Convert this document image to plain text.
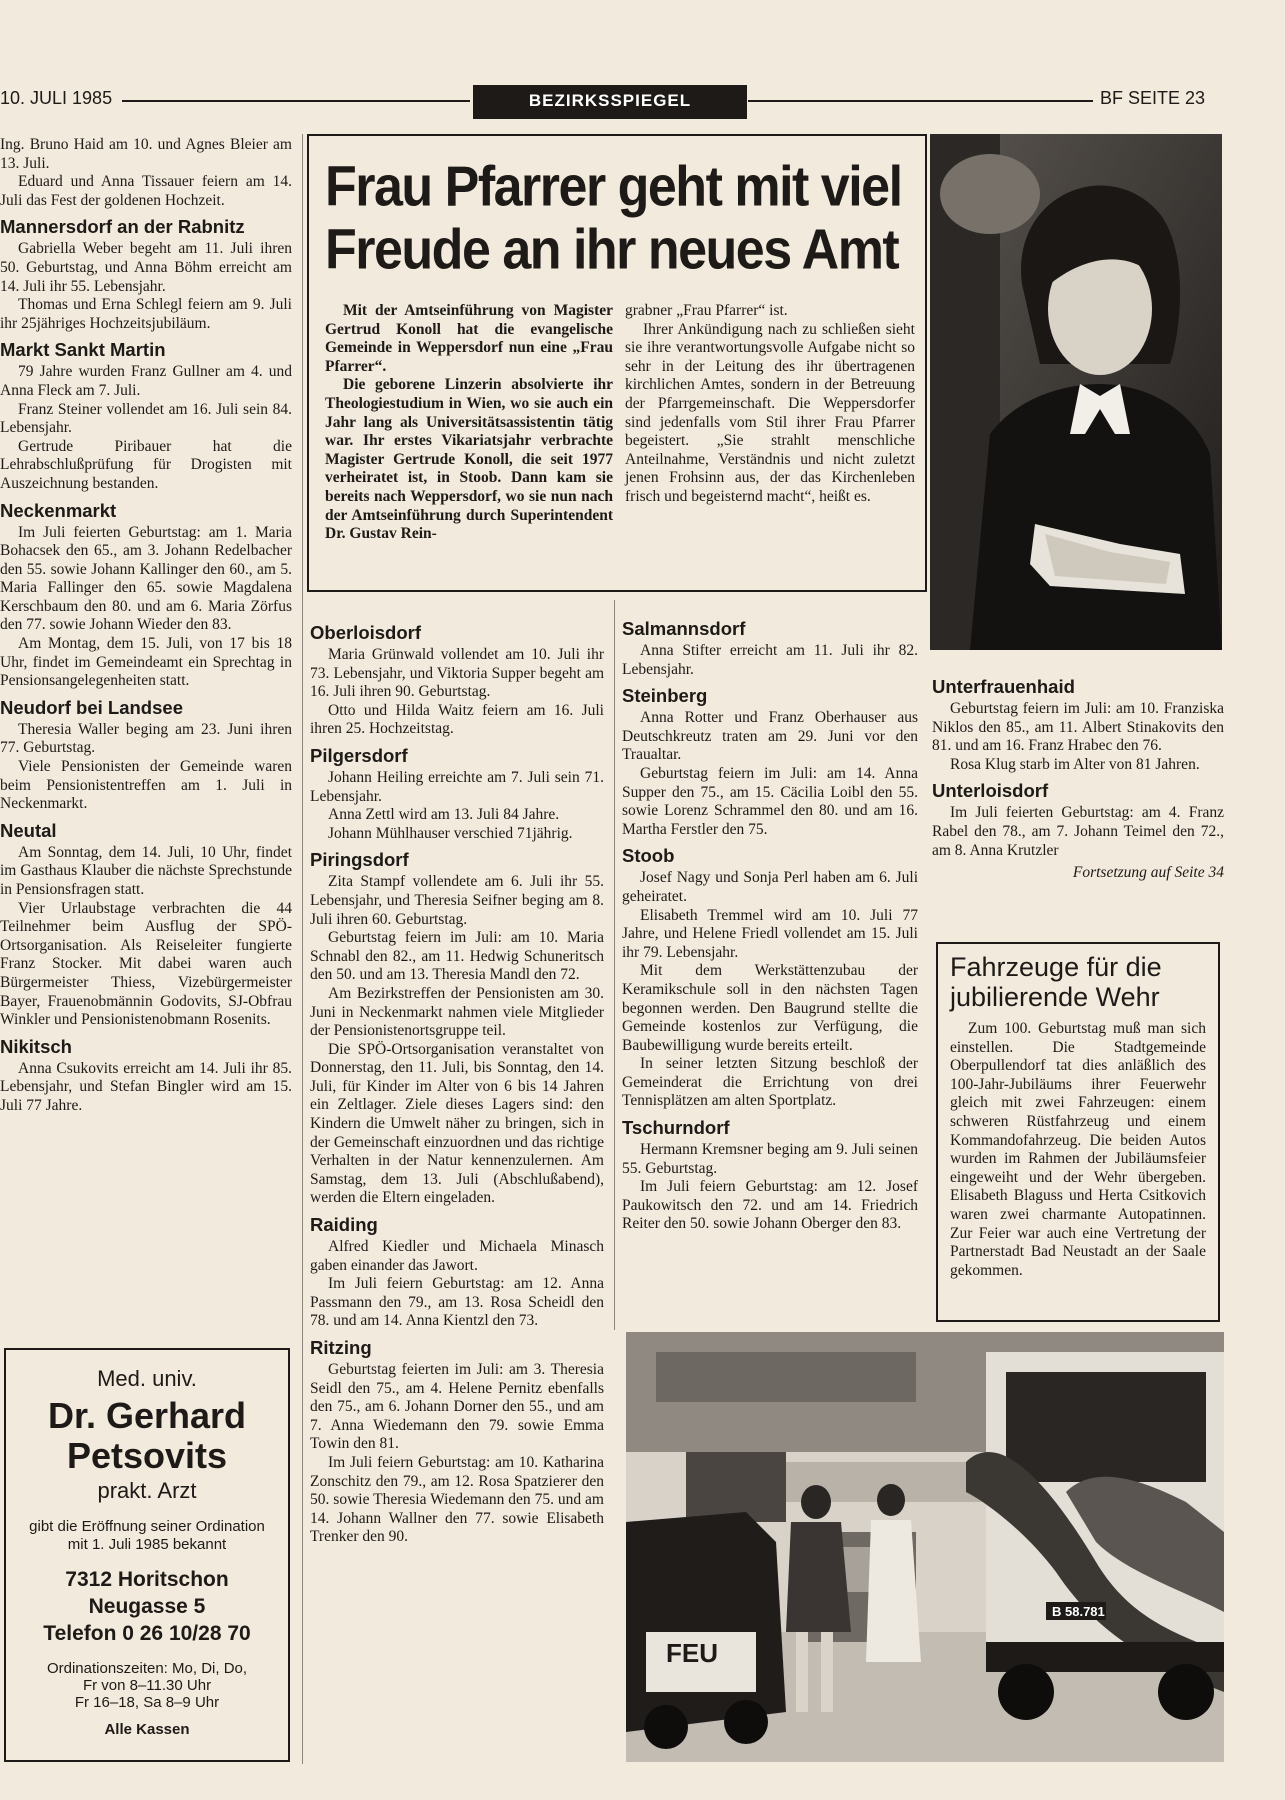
10. JULI 1985	BEZIRKSSPIEGEL	BF SEITE 23

Ing. Bruno Haid am 10. und Agnes Bleier am 13. Juli.

Eduard und Anna Tissauer feiern am 14. Juli das Fest der goldenen Hochzeit.

Mannersdorf an der Rabnitz

Gabriella Weber begeht am 11. Juli ihren 50. Geburtstag, und Anna Böhm erreicht am 14. Juli ihr 55. Lebensjahr.

Thomas und Erna Schlegl feiern am 9. Juli ihr 25jähriges Hochzeitsjubiläum.

Markt Sankt Martin

79 Jahre wurden Franz Gullner am 4. und Anna Fleck am 7. Juli.

Franz Steiner vollendet am 16. Juli sein 84. Lebensjahr.

Gertrude Piribauer hat die Lehrabschlußprüfung für Drogisten mit Auszeichnung bestanden.

Neckenmarkt

Im Juli feierten Geburtstag: am 1. Maria Bohacsek den 65., am 3. Johann Redelbacher den 55. sowie Johann Kallinger den 60., am 5. Maria Fallinger den 65. sowie Magdalena Kerschbaum den 80. und am 6. Maria Zörfus den 77. sowie Johann Wieder den 83.

Am Montag, dem 15. Juli, von 17 bis 18 Uhr, findet im Gemeindeamt ein Sprechtag in Pensionsangelegenheiten statt.

Neudorf bei Landsee

Theresia Waller beging am 23. Juni ihren 77. Geburtstag.

Viele Pensionisten der Gemeinde waren beim Pensionistentreffen am 1. Juli in Neckenmarkt.

Neutal

Am Sonntag, dem 14. Juli, 10 Uhr, findet im Gasthaus Klauber die nächste Sprechstunde in Pensionsfragen statt.

Vier Urlaubstage verbrachten die 44 Teilnehmer beim Ausflug der SPÖ-Ortsorganisation. Als Reiseleiter fungierte Franz Stocker. Mit dabei waren auch Bürgermeister Thiess, Vizebürgermeister Bayer, Frauenobmännin Godovits, SJ-Obfrau Winkler und Pensionistenobmann Rosenits.

Nikitsch

Anna Csukovits erreicht am 14. Juli ihr 85. Lebensjahr, und Stefan Bingler wird am 15. Juli 77 Jahre.

Med. univ.
Dr. Gerhard
Petsovits
prakt. Arzt
gibt die Eröffnung seiner Ordination mit 1. Juli 1985 bekannt
7312 Horitschon
Neugasse 5
Telefon 0 26 10/28 70
Ordinationszeiten: Mo, Di, Do,
Fr von 8–11.30 Uhr
Fr 16–18, Sa 8–9 Uhr
Alle Kassen
Frau Pfarrer geht mit viel Freude an ihr neues Amt

Mit der Amtseinführung von Magister Gertrud Konoll hat die evangelische Gemeinde in Weppersdorf nun eine „Frau Pfarrer“.

Die geborene Linzerin absolvierte ihr Theologiestudium in Wien, wo sie auch ein Jahr lang als Universitätsassistentin tätig war. Ihr erstes Vikariatsjahr verbrachte Magister Gertrude Konoll, die seit 1977 verheiratet ist, in Stoob. Dann kam sie bereits nach Weppersdorf, wo sie nun nach der Amtseinführung durch Superintendent Dr. Gustav Rein-

grabner „Frau Pfarrer“ ist.

Ihrer Ankündigung nach zu schließen sieht sie ihre verantwortungsvolle Aufgabe nicht so sehr in der Leitung des ihr übertragenen kirchlichen Amtes, sondern in der Betreuung der Pfarrgemeinschaft. Die Weppersdorfer sind jedenfalls vom Stil ihrer Frau Pfarrer begeistert. „Sie strahlt menschliche Anteilnahme, Verständnis und nicht zuletzt jenen Frohsinn aus, der das Kirchenleben frisch und begeisternd macht“, heißt es.

Oberloisdorf

Maria Grünwald vollendet am 10. Juli ihr 73. Lebensjahr, und Viktoria Supper begeht am 16. Juli ihren 90. Geburtstag.

Otto und Hilda Waitz feiern am 16. Juli ihren 25. Hochzeitstag.

Pilgersdorf

Johann Heiling erreichte am 7. Juli sein 71. Lebensjahr.

Anna Zettl wird am 13. Juli 84 Jahre.

Johann Mühlhauser verschied 71jährig.

Piringsdorf

Zita Stampf vollendete am 6. Juli ihr 55. Lebensjahr, und Theresia Seifner beging am 8. Juli ihren 60. Geburtstag.

Geburtstag feiern im Juli: am 10. Maria Schnabl den 82., am 11. Hedwig Schuneritsch den 50. und am 13. Theresia Mandl den 72.

Am Bezirkstreffen der Pensionisten am 30. Juni in Neckenmarkt nahmen viele Mitglieder der Pensionistenortsgruppe teil.

Die SPÖ-Ortsorganisation veranstaltet von Donnerstag, den 11. Juli, bis Sonntag, den 14. Juli, für Kinder im Alter von 6 bis 14 Jahren ein Zeltlager. Ziele dieses Lagers sind: den Kindern die Umwelt näher zu bringen, sich in der Gemeinschaft einzuordnen und das richtige Verhalten in der Natur kennenzulernen. Am Samstag, dem 13. Juli (Abschlußabend), werden die Eltern eingeladen.

Raiding

Alfred Kiedler und Michaela Minasch gaben einander das Jawort.

Im Juli feiern Geburtstag: am 12. Anna Passmann den 79., am 13. Rosa Scheidl den 78. und am 14. Anna Kientzl den 73.

Ritzing

Geburtstag feierten im Juli: am 3. Theresia Seidl den 75., am 4. Helene Pernitz ebenfalls den 75., am 6. Johann Dorner den 55., und am 7. Anna Wiedemann den 79. sowie Emma Towin den 81.

Im Juli feiern Geburtstag: am 10. Katharina Zonschitz den 79., am 12. Rosa Spatzierer den 50. sowie Theresia Wiedemann den 75. und am 14. Johann Wallner den 77. sowie Elisabeth Trenker den 90.

Salmannsdorf

Anna Stifter erreicht am 11. Juli ihr 82. Lebensjahr.

Steinberg

Anna Rotter und Franz Oberhauser aus Deutschkreutz traten am 29. Juni vor den Traualtar.

Geburtstag feiern im Juli: am 14. Anna Supper den 75., am 15. Cäcilia Loibl den 55. sowie Lorenz Schrammel den 80. und am 16. Martha Ferstler den 75.

Stoob

Josef Nagy und Sonja Perl haben am 6. Juli geheiratet.

Elisabeth Tremmel wird am 10. Juli 77 Jahre, und Helene Friedl vollendet am 15. Juli ihr 79. Lebensjahr.

Mit dem Werkstättenzubau der Keramikschule soll in den nächsten Tagen begonnen werden. Den Baugrund stellte die Gemeinde kostenlos zur Verfügung, die Baubewilligung wurde bereits erteilt.

In seiner letzten Sitzung beschloß der Gemeinderat die Errichtung von drei Tennisplätzen am alten Sportplatz.

Tschurndorf

Hermann Kremsner beging am 9. Juli seinen 55. Geburtstag.

Im Juli feiern Geburtstag: am 12. Josef Paukowitsch den 72. und am 14. Friedrich Reiter den 50. sowie Johann Oberger den 83.

Unterfrauenhaid

Geburtstag feiern im Juli: am 10. Franziska Niklos den 85., am 11. Albert Stinakovits den 81. und am 16. Franz Hrabec den 76.

Rosa Klug starb im Alter von 81 Jahren.

Unterloisdorf

Im Juli feierten Geburtstag: am 4. Franz Rabel den 78., am 7. Johann Teimel den 72., am 8. Anna Krutzler

Fortsetzung auf Seite 34
Fahrzeuge für die jubilierende Wehr

Zum 100. Geburtstag muß man sich einstellen. Die Stadtgemeinde Oberpullendorf tat dies anläßlich des 100-Jahr-Jubiläums ihrer Feuerwehr gleich mit zwei Fahrzeugen: einem schweren Rüstfahrzeug und einem Kommandofahrzeug. Die beiden Autos wurden im Rahmen der Jubiläumsfeier eingeweiht und der Wehr übergeben. Elisabeth Blaguss und Herta Csitkovich waren zwei charmante Autopatinnen. Zur Feier war auch eine Vertretung der Partnerstadt Bad Neustadt an der Saale gekommen.

FEU
B 58.781
